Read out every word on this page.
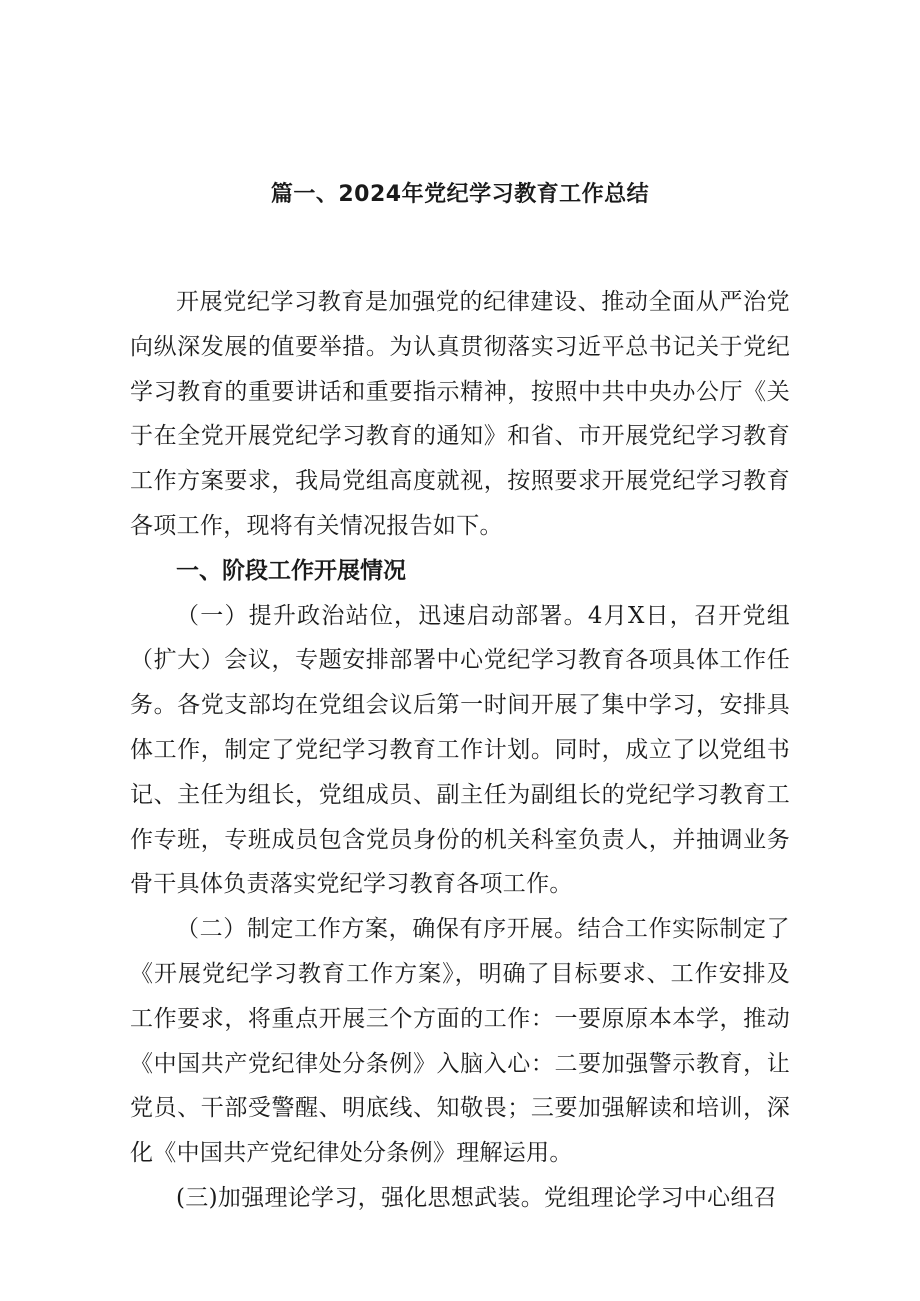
篇一、2024年党纪学习教育工作总结

开展党纪学习教育是加强党的纪律建设、推动全面从严治党向纵深发展的值要举措。为认真贯彻落实习近平总书记关于党纪学习教育的重要讲话和重要指示精神，按照中共中央办公厅《关于在全党开展党纪学习教育的通知》和省、市开展党纪学习教育工作方案要求，我局党组高度就视，按照要求开展党纪学习教育各项工作，现将有关情况报告如下。

一、阶段工作开展情况

（一）提升政治站位，迅速启动部署。4月X日，召开党组（扩大）会议，专题安排部署中心党纪学习教育各项具体工作任务。各党支部均在党组会议后第一时间开展了集中学习，安排具体工作，制定了党纪学习教育工作计划。同时，成立了以党组书记、主任为组长，党组成员、副主任为副组长的党纪学习教育工作专班，专班成员包含党员身份的机关科室负责人，并抽调业务骨干具体负责落实党纪学习教育各项工作。

（二）制定工作方案，确保有序开展。结合工作实际制定了《开展党纪学习教育工作方案》，明确了目标要求、工作安排及工作要求，将重点开展三个方面的工作：一要原原本本学，推动《中国共产党纪律处分条例》入脑入心：二要加强警示教育，让党员、干部受警醒、明底线、知敬畏；三要加强解读和培训，深化《中国共产党纪律处分条例》理解运用。

(三)加强理论学习，强化思想武装。党组理论学习中心组召
